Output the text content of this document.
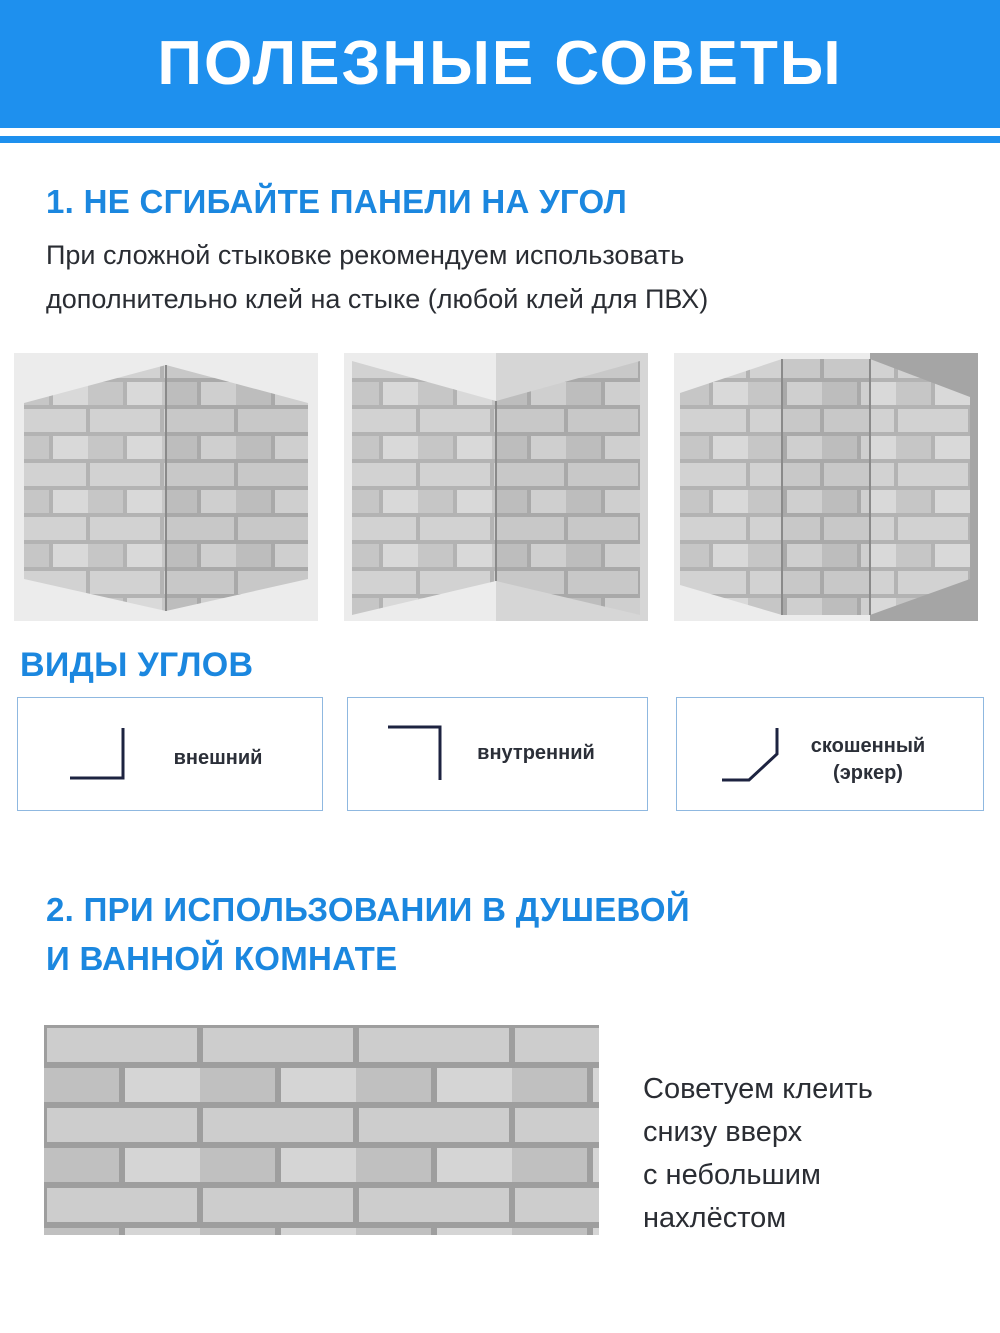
ПОЛЕЗНЫЕ СОВЕТЫ
1. НЕ СГИБАЙТЕ ПАНЕЛИ НА УГОЛ
При сложной стыковке рекомендуем использовать
дополнительно клей на стыке (любой клей для ПВХ)
ВИДЫ УГЛОВ
внешний	внутренний	скошенный
(эркер)
2. ПРИ ИСПОЛЬЗОВАНИИ В ДУШЕВОЙ
И ВАННОЙ КОМНАТЕ
Советуем клеить
снизу вверх
с небольшим
нахлёстом
